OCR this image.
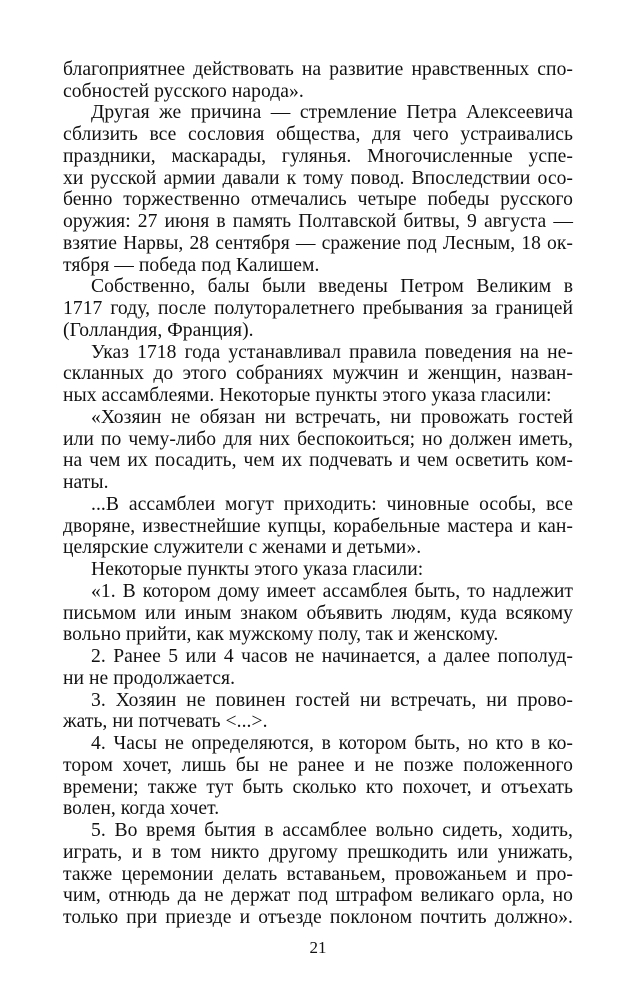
благоприятнее действовать на развитие нравственных спо-
собностей русского народа».
Другая же причина — стремление Петра Алексеевича
сблизить все сословия общества, для чего устраивались
праздники, маскарады, гулянья. Многочисленные успе-
хи русской армии давали к тому повод. Впоследствии осо-
бенно торжественно отмечались четыре победы русского
оружия: 27 июня в память Полтавской битвы, 9 августа —
взятие Нарвы, 28 сентября — сражение под Лесным, 18 ок-
тября — победа под Калишем.
Собственно, балы были введены Петром Великим в
1717 году, после полуторалетнего пребывания за границей
(Голландия, Франция).
Указ 1718 года устанавливал правила поведения на не-
скланных до этого собраниях мужчин и женщин, назван-
ных ассамблеями. Некоторые пункты этого указа гласили:
«Хозяин не обязан ни встречать, ни провожать гостей
или по чему-либо для них беспокоиться; но должен иметь,
на чем их посадить, чем их подчевать и чем осветить ком-
наты.
...В ассамблеи могут приходить: чиновные особы, все
дворяне, известнейшие купцы, корабельные мастера и кан-
целярские служители с женами и детьми».
Некоторые пункты этого указа гласили:
«1. В котором дому имеет ассамблея быть, то надлежит
письмом или иным знаком объявить людям, куда всякому
вольно прийти, как мужскому полу, так и женскому.
2. Ранее 5 или 4 часов не начинается, а далее пополуд-
ни не продолжается.
3. Хозяин не повинен гостей ни встречать, ни прово-
жать, ни потчевать <...>.
4. Часы не определяются, в котором быть, но кто в ко-
тором хочет, лишь бы не ранее и не позже положенного
времени; также тут быть сколько кто похочет, и отъехать
волен, когда хочет.
5. Во время бытия в ассамблее вольно сидеть, ходить,
играть, и в том никто другому прешкодить или унижать,
также церемонии делать вставаньем, провожаньем и про-
чим, отнюдь да не держат под штрафом великаго орла, но
только при приезде и отъезде поклоном почтить должно».
21
